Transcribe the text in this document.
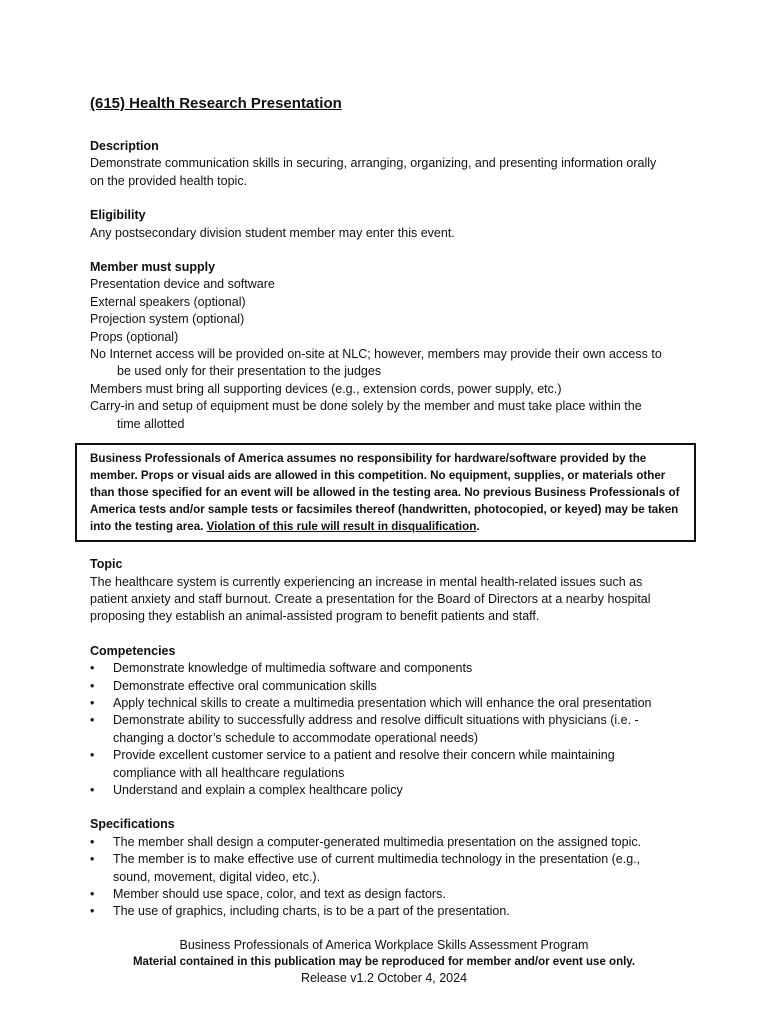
(615) Health Research Presentation
Description
Demonstrate communication skills in securing, arranging, organizing, and presenting information orally
on the provided health topic.
Eligibility
Any postsecondary division student member may enter this event.
Member must supply
Presentation device and software
External speakers (optional)
Projection system (optional)
Props (optional)
No Internet access will be provided on-site at NLC; however, members may provide their own access to be used only for their presentation to the judges
Members must bring all supporting devices (e.g., extension cords, power supply, etc.)
Carry-in and setup of equipment must be done solely by the member and must take place within the time allotted
Business Professionals of America assumes no responsibility for hardware/software provided by the member. Props or visual aids are allowed in this competition. No equipment, supplies, or materials other than those specified for an event will be allowed in the testing area. No previous Business Professionals of America tests and/or sample tests or facsimiles thereof (handwritten, photocopied, or keyed) may be taken into the testing area. Violation of this rule will result in disqualification.
Topic
The healthcare system is currently experiencing an increase in mental health-related issues such as patient anxiety and staff burnout. Create a presentation for the Board of Directors at a nearby hospital proposing they establish an animal-assisted program to benefit patients and staff.
Competencies
• Demonstrate knowledge of multimedia software and components
• Demonstrate effective oral communication skills
• Apply technical skills to create a multimedia presentation which will enhance the oral presentation
• Demonstrate ability to successfully address and resolve difficult situations with physicians (i.e. - changing a doctor’s schedule to accommodate operational needs)
• Provide excellent customer service to a patient and resolve their concern while maintaining compliance with all healthcare regulations
• Understand and explain a complex healthcare policy
Specifications
• The member shall design a computer-generated multimedia presentation on the assigned topic.
• The member is to make effective use of current multimedia technology in the presentation (e.g., sound, movement, digital video, etc.).
• Member should use space, color, and text as design factors.
• The use of graphics, including charts, is to be a part of the presentation.
Business Professionals of America Workplace Skills Assessment Program
Material contained in this publication may be reproduced for member and/or event use only.
Release v1.2 October 4, 2024
